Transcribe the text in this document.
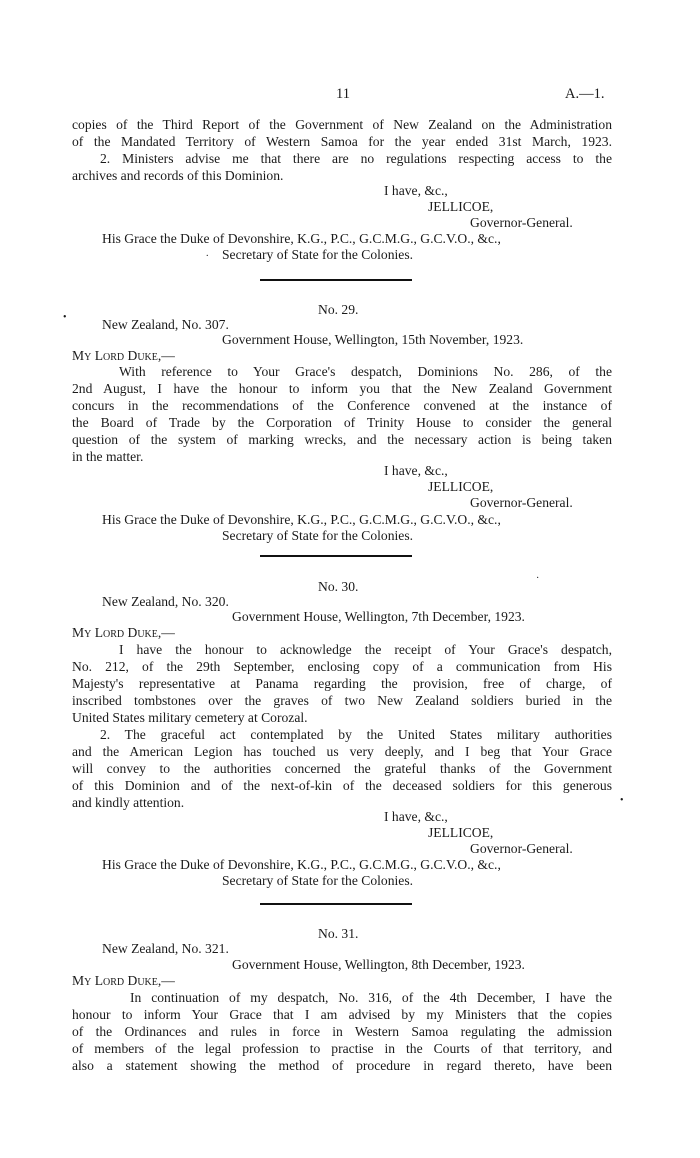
11	A.—1.
copies of the Third Report of the Government of New Zealand on the Administration
of the Mandated Territory of Western Samoa for the year ended 31st March, 1923.
2. Ministers advise me that there are no regulations respecting access to the
archives and records of this Dominion.
I have, &c.,
JELLICOE,
Governor-General.
His Grace the Duke of Devonshire, K.G., P.C., G.C.M.G., G.C.V.O., &c.,
Secretary of State for the Colonies.
.
No. 29.
•	New Zealand, No. 307.
Government House, Wellington, 15th November, 1923.
My Lord Duke,—
With reference to Your Grace's despatch, Dominions No. 286, of the
2nd August, I have the honour to inform you that the New Zealand Government
concurs in the recommendations of the Conference convened at the instance of
the Board of Trade by the Corporation of Trinity House to consider the general
question of the system of marking wrecks, and the necessary action is being taken
in the matter.
I have, &c.,
JELLICOE,
Governor-General.
His Grace the Duke of Devonshire, K.G., P.C., G.C.M.G., G.C.V.O., &c.,
Secretary of State for the Colonies.
·
No. 30.
New Zealand, No. 320.
Government House, Wellington, 7th December, 1923.
My Lord Duke,—
I have the honour to acknowledge the receipt of Your Grace's despatch,
No. 212, of the 29th September, enclosing copy of a communication from His
Majesty's representative at Panama regarding the provision, free of charge, of
inscribed tombstones over the graves of two New Zealand soldiers buried in the
United States military cemetery at Corozal.
2. The graceful act contemplated by the United States military authorities
and the American Legion has touched us very deeply, and I beg that Your Grace
will convey to the authorities concerned the grateful thanks of the Government
of this Dominion and of the next-of-kin of the deceased soldiers for this generous
and kindly attention.	•
I have, &c.,
JELLICOE,
Governor-General.
His Grace the Duke of Devonshire, K.G., P.C., G.C.M.G., G.C.V.O., &c.,
Secretary of State for the Colonies.
No. 31.
New Zealand, No. 321.
Government House, Wellington, 8th December, 1923.
My Lord Duke,—
In continuation of my despatch, No. 316, of the 4th December, I have the
honour to inform Your Grace that I am advised by my Ministers that the copies
of the Ordinances and rules in force in Western Samoa regulating the admission
of members of the legal profession to practise in the Courts of that territory, and
also a statement showing the method of procedure in regard thereto, have been
